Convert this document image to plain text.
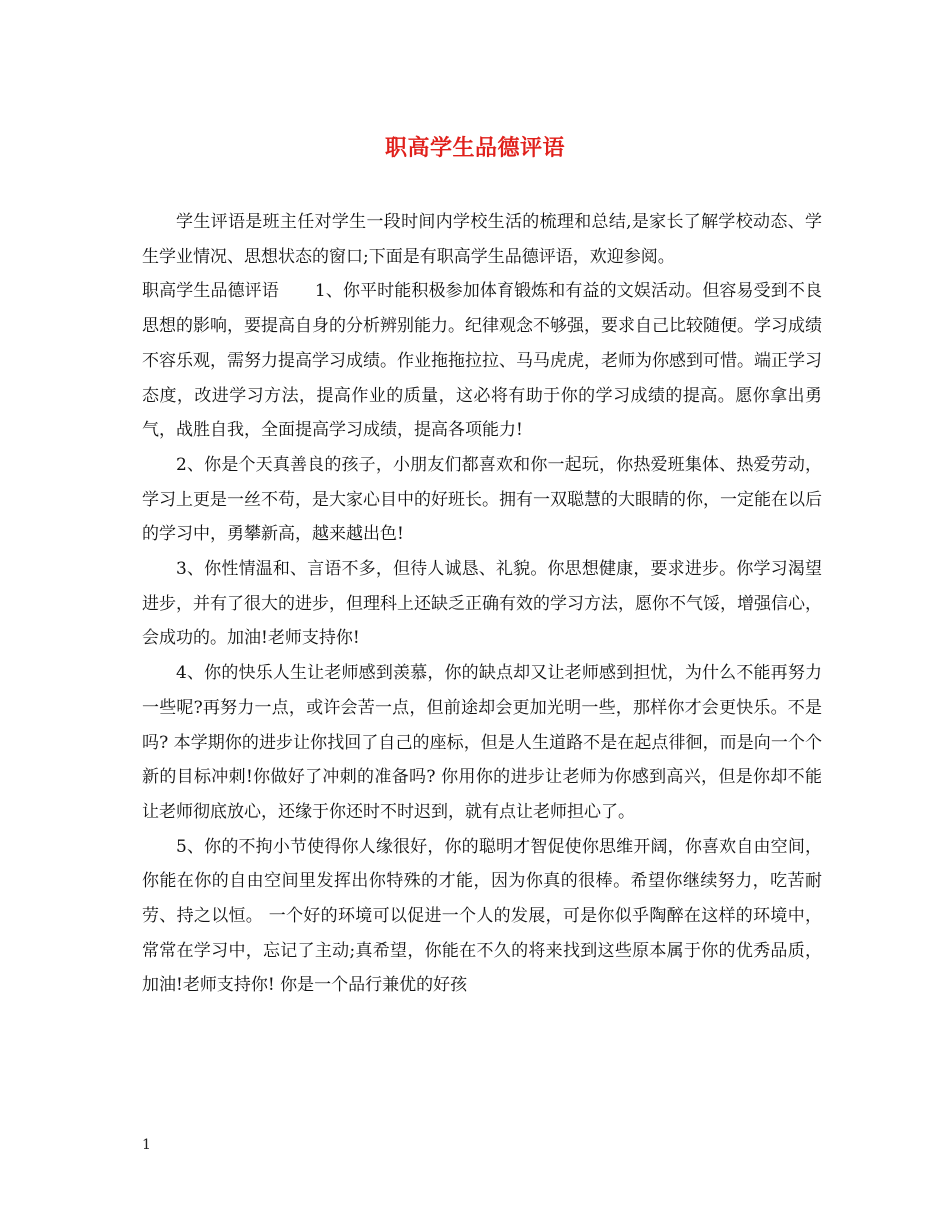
职高学生品德评语

学生评语是班主任对学生一段时间内学校生活的梳理和总结,是家长了解学校动态、学生学业情况、思想状态的窗口;下面是有职高学生品德评语，欢迎参阅。

职高学生品德评语 1、你平时能积极参加体育锻炼和有益的文娱活动。但容易受到不良思想的影响，要提高自身的分析辨别能力。纪律观念不够强，要求自己比较随便。学习成绩不容乐观，需努力提高学习成绩。作业拖拖拉拉、马马虎虎，老师为你感到可惜。端正学习态度，改进学习方法，提高作业的质量，这必将有助于你的学习成绩的提高。愿你拿出勇气，战胜自我，全面提高学习成绩，提高各项能力!

2、你是个天真善良的孩子，小朋友们都喜欢和你一起玩，你热爱班集体、热爱劳动，学习上更是一丝不苟，是大家心目中的好班长。拥有一双聪慧的大眼睛的你，一定能在以后的学习中，勇攀新高，越来越出色!

3、你性情温和、言语不多，但待人诚恳、礼貌。你思想健康，要求进步。你学习渴望进步，并有了很大的进步，但理科上还缺乏正确有效的学习方法，愿你不气馁，增强信心，会成功的。加油!老师支持你!

4、你的快乐人生让老师感到羡慕，你的缺点却又让老师感到担忧，为什么不能再努力一些呢?再努力一点，或许会苦一点，但前途却会更加光明一些，那样你才会更快乐。不是吗? 本学期你的进步让你找回了自己的座标，但是人生道路不是在起点徘徊，而是向一个个新的目标冲刺!你做好了冲刺的准备吗? 你用你的进步让老师为你感到高兴，但是你却不能让老师彻底放心，还缘于你还时不时迟到，就有点让老师担心了。

5、你的不拘小节使得你人缘很好，你的聪明才智促使你思维开阔，你喜欢自由空间，你能在你的自由空间里发挥出你特殊的才能，因为你真的很棒。希望你继续努力，吃苦耐劳、持之以恒。 一个好的环境可以促进一个人的发展，可是你似乎陶醉在这样的环境中，常常在学习中，忘记了主动;真希望，你能在不久的将来找到这些原本属于你的优秀品质，加油!老师支持你! 你是一个品行兼优的好孩

1
